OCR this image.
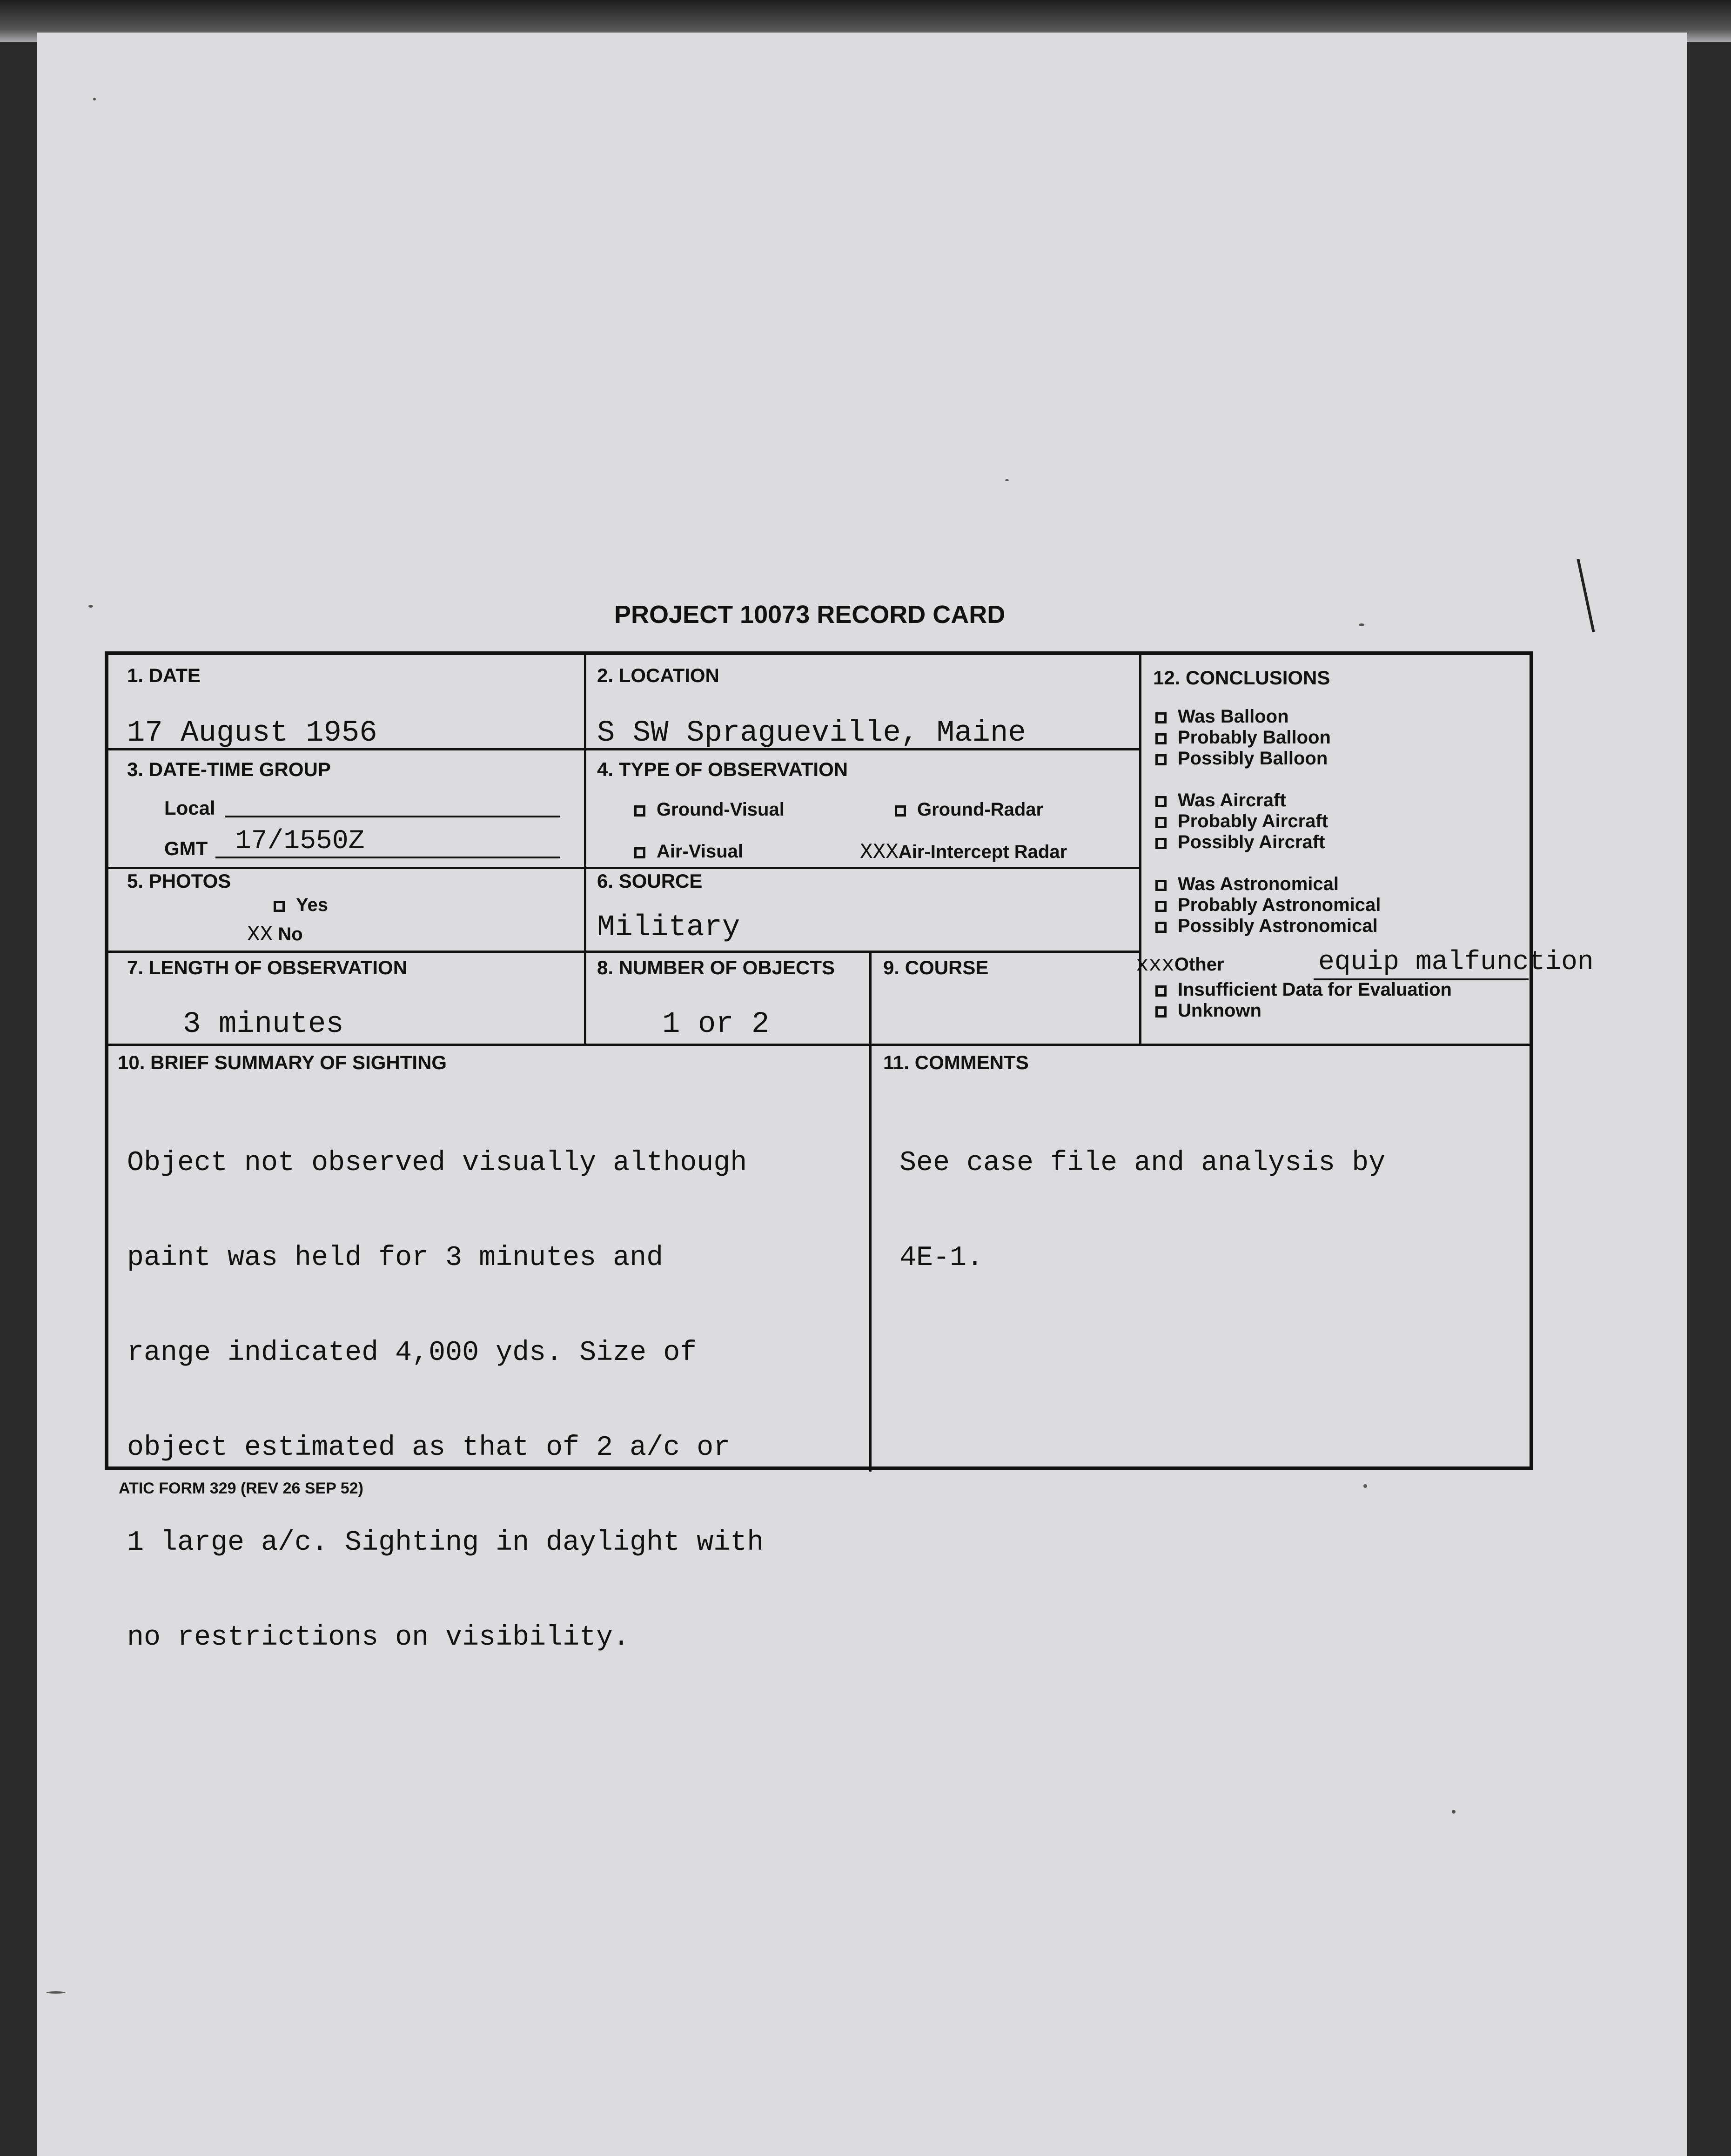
PROJECT 10073 RECORD CARD
1. DATE
17 August 1956
2. LOCATION
S SW Spragueville, Maine
3. DATE-TIME GROUP
Local
GMT 17/1550Z
4. TYPE OF OBSERVATION
Ground-Visual	Ground-Radar
Air-Visual	XXXAir-Intercept Radar
5. PHOTOS
Yes
XX No
6. SOURCE
Military
7. LENGTH OF OBSERVATION
3 minutes
8. NUMBER OF OBJECTS
1 or 2
9. COURSE
10. BRIEF SUMMARY OF SIGHTING

Object not observed visually although

paint was held for 3 minutes and

range indicated 4,000 yds. Size of

object estimated as that of 2 a/c or

1 large a/c. Sighting in daylight with

no restrictions on visibility.

11. COMMENTS

See case file and analysis by

4E-1.

12. CONCLUSIONS
Was Balloon
Probably Balloon
Possibly Balloon
Was Aircraft
Probably Aircraft
Possibly Aircraft
Was Astronomical
Probably Astronomical
Possibly Astronomical
xxxOther	equip malfunction
Insufficient Data for Evaluation
Unknown
ATIC FORM 329 (REV 26 SEP 52)
